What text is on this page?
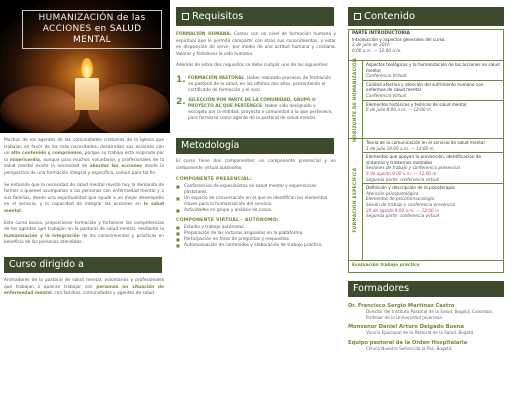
HUMANIZACIÓN de las
ACCIONES en SALUD MENTAL

Muchos de los agentes de las comunidades cristianas de la Iglesia que trabajan en favor de los más necesitados, desarrollan sus acciones con un alto contenido y compromiso, porque su trabajo está inspirado por la misericordia, aunque para muchos voluntarios y profesionales de la salud mental existe la necesidad de abordar las acciones desde la perspectiva de una formación integral y específica, común para tal fin.

Se entiende que la necesidad de salud mental reviste hoy la demanda de formar a quienes acompañan a las personas con enfermedad mental y a sus familias, desde una espiritualidad que ayude a un mejor desempeño en el servicio, y la capacidad de integrar las acciones en la salud mental.

Este curso busca, proporcionar formación y fortalecer las competencias de los agentes que trabajan en la pastoral de salud mental, mediante la humanización y la integración de los conocimientos y prácticas en beneficio de las personas atendidas.

Curso dirigido a

Animadores de la pastoral de salud mental, voluntarios y profesionales que trabajan o quieran trabajar con personas en situación de enfermedad mental, con familias, comunidades y agentes de salud.

Requisitos

FORMACIÓN HUMANA: Contar con un nivel de formación humana y espiritual que le permita compartir con otros sus conocimientos, y estar en disposición de servir, por medio de una actitud humana y cristiana. Valorar y fortalecer la vida humana.

Además de estos dos requisitos se debe cumplir uno de los siguientes:

1. FORMACIÓN PASTORAL: Haber realizado procesos de formación en pastoral de la salud, en los últimos dos años, presentando el certificado de formación y el aval.
2. SELECCIÓN POR PARTE DE LA COMUNIDAD, GRUPO O PROYECTO AL QUE PERTENECE: Haber sido designado o escogido por la entidad, proyecto o comunidad a la que pertenece, para formarse como agente de la pastoral de salud mental.
Metodología

El curso tiene dos componentes: un componente presencial y un componente virtual autónomo.

COMPONENTE PRESENCIAL:
■ Conferencias de especialistas en salud mental y experiencias pastorales.
■ Un espacio de conversación en el que se identifican los elementos claves para la humanización del servicio.
■ Actividades en grupo y análisis de casos.
COMPONENTE VIRTUAL - AUTÓNOMO:
■ Estudio y trabajo autónomo.
■ Preparación de las lecturas asignadas en la plataforma.
■ Participación en foros de preguntas y respuestas.
■ Autoevaluación de contenidos y elaboración de trabajo práctico.
Contenido
PARTE INTRODUCTORIA
Introducción y aspectos generales del curso.
2 de julio de 2016
9:00 a.m. — 12:00 a.m.
HORIZONTE DE HUMANIZACIÓN Aspectos teológicos y la humanización de las acciones en salud mental
Conferencia Virtual
Calidad afectiva y atención del sufrimiento humano con enfermos de salud mental
Conferencia Virtual
Elementos históricos y teóricos de salud mental
6 de julio 8:00 a.m. — 12:00 m
FORMACIÓN ESPECÍFICA
Teoría de la comunicación en el servicio de salud mental
1 de julio 10:00 a.m. — 12:00 m
Elementos que apoyan la prevención, identificación de síntomas y trastornos mentales
Sesiones de trabajo y conferencia presencial
6 de agosto 9:00 a.m. — 12:00 m
Segunda parte: conferencia virtual
Definición y descripción de la psicoterapia
Atención psicopatológica
Elementos de psicofarmacología
Sesión de trabajo y conferencia presencial
20 de agosto 9:00 a.m. — 12:00 m
Segunda parte: conferencia virtual
Evaluación trabajo práctico
Formadores
Dr. Francisco Sergio Martínez Castro
Director del Instituto Pastoral de la Salud, Bogotá, Colombia. Profesor de la Universidad Javeriana.
Monseñor Daniel Arturo Delgado Buena
Vicario Episcopal de la Pastoral de la Salud, Bogotá.
Equipo pastoral de la Orden Hospitalaria
Clínica Nuestra Señora de la Paz, Bogotá.
